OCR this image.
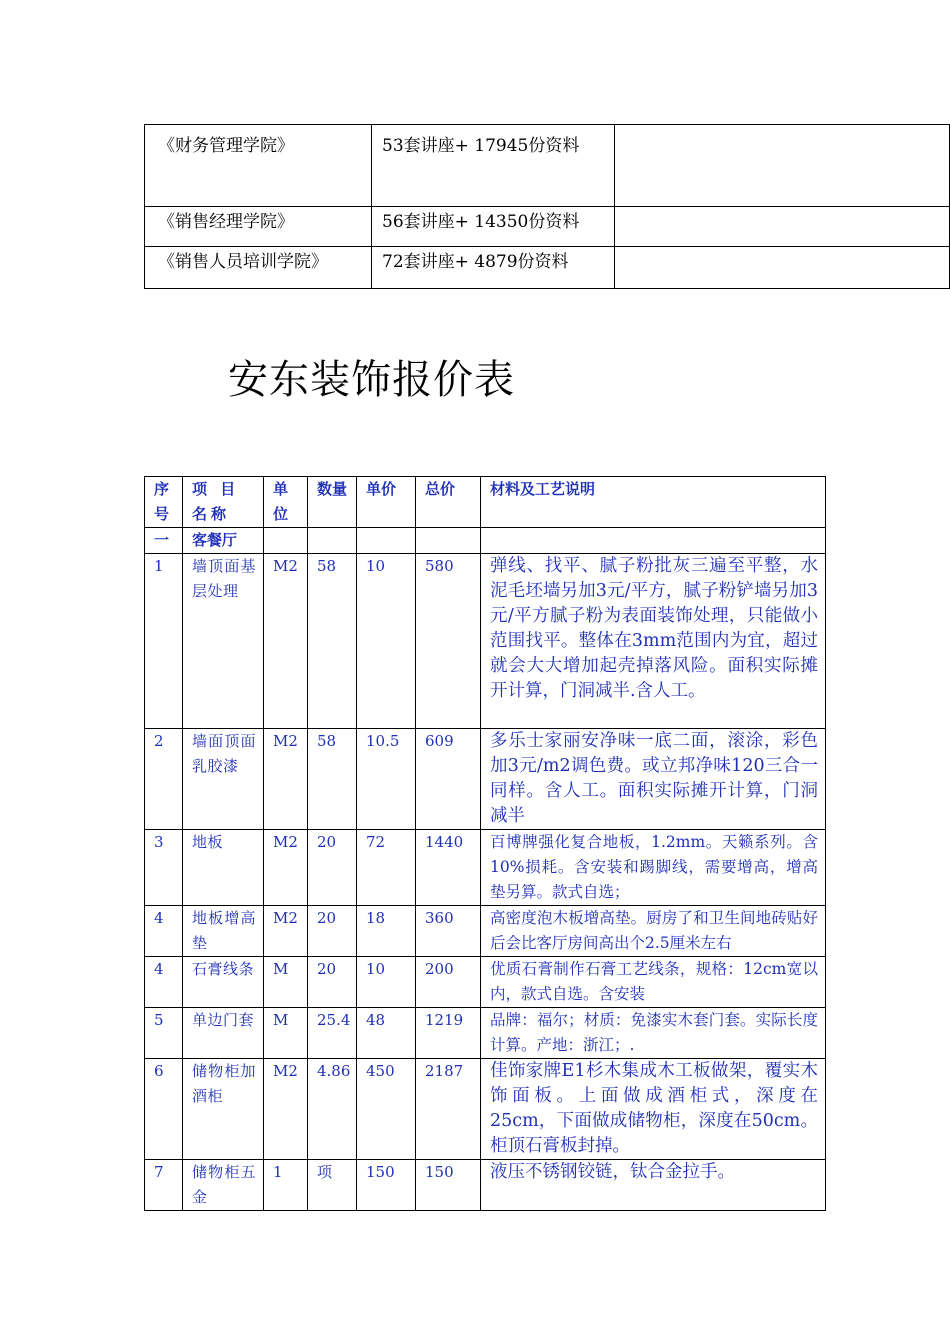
《财务管理学院》	53套讲座+ 17945份资料	
《销售经理学院》	56套讲座+ 14350份资料	
《销售人员培训学院》	72套讲座+ 4879份资料	
安东装饰报价表
序号	项 目 名称	单位	数量	单价	总价	材料及工艺说明
一	客餐厅					
1	墙顶面基层处理	M2	58	10	580	弹线、找平、腻子粉批灰三遍至平整，水泥毛坯墙另加3元/平方，腻子粉铲墙另加3元/平方腻子粉为表面装饰处理，只能做小范围找平。整体在3mm范围内为宜，超过就会大大增加起壳掉落风险。面积实际摊开计算，门洞减半.含人工。
2	墙面顶面乳胶漆	M2	58	10.5	609	多乐士家丽安净味一底二面，滚涂，彩色加3元/m2调色费。或立邦净味120三合一同样。含人工。面积实际摊开计算，门洞减半
3	地板	M2	20	72	1440	百博牌强化复合地板，1.2mm。天籁系列。含10%损耗。含安装和踢脚线，需要增高，增高垫另算。款式自选；
4	地板增高垫	M2	20	18	360	高密度泡木板增高垫。厨房了和卫生间地砖贴好后会比客厅房间高出个2.5厘米左右
4	石膏线条	M	20	10	200	优质石膏制作石膏工艺线条，规格：12cm宽以内，款式自选。含安装
5	单边门套	M	25.4	48	1219	品牌：福尔；材质：免漆实木套门套。实际长度计算。产地：浙江；.
6	储物柜加酒柜	M2	4.86	450	2187	佳饰家牌E1杉木集成木工板做架，覆实木饰面板。上面做成酒柜式，深度在25cm，下面做成储物柜，深度在50cm。柜顶石膏板封掉。
7	储物柜五金	1	项	150	150	液压不锈钢铰链，钛合金拉手。
